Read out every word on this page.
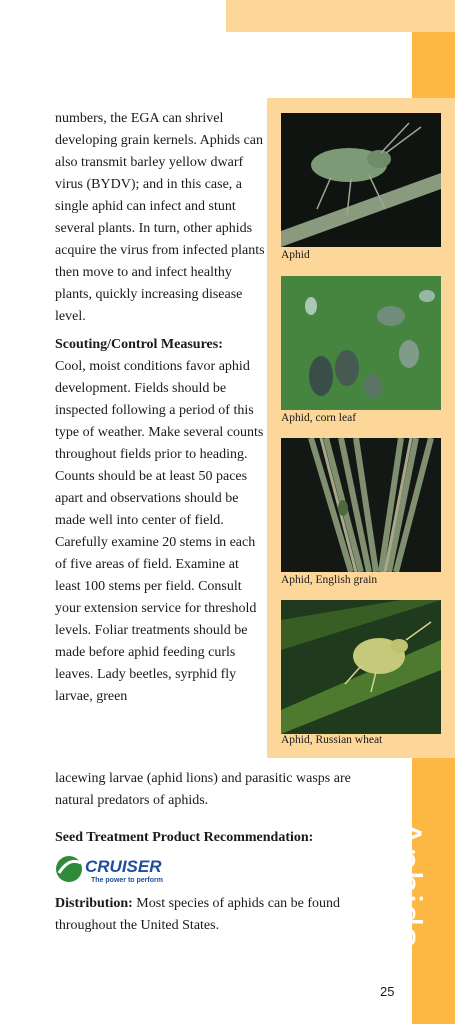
Aphids
Aphid
Aphid, corn leaf
Aphid, English grain
Aphid, Russian wheat

numbers, the EGA can shrivel developing grain kernels. Aphids can also transmit barley yellow dwarf virus (BYDV); and in this case, a single aphid can infect and stunt several plants. In turn, other aphids acquire the virus from infected plants then move to and infect healthy plants, quickly increasing disease level.

Scouting/Control Measures:
Cool, moist conditions favor aphid development. Fields should be inspected following a period of this type of weather. Make several counts throughout fields prior to heading. Counts should be at least 50 paces apart and observations should be made well into center of field. Carefully examine 20 stems in each of five areas of field. Examine at least 100 stems per field. Consult your extension service for threshold levels. Foliar treatments should be made before aphid feeding curls leaves. Lady beetles, syrphid fly larvae, green

lacewing larvae (aphid lions) and parasitic wasps are natural predators of aphids.
Seed Treatment Product Recommendation:
CRUISER
The power to perform
Distribution: Most species of aphids can be found throughout the United States.
25
